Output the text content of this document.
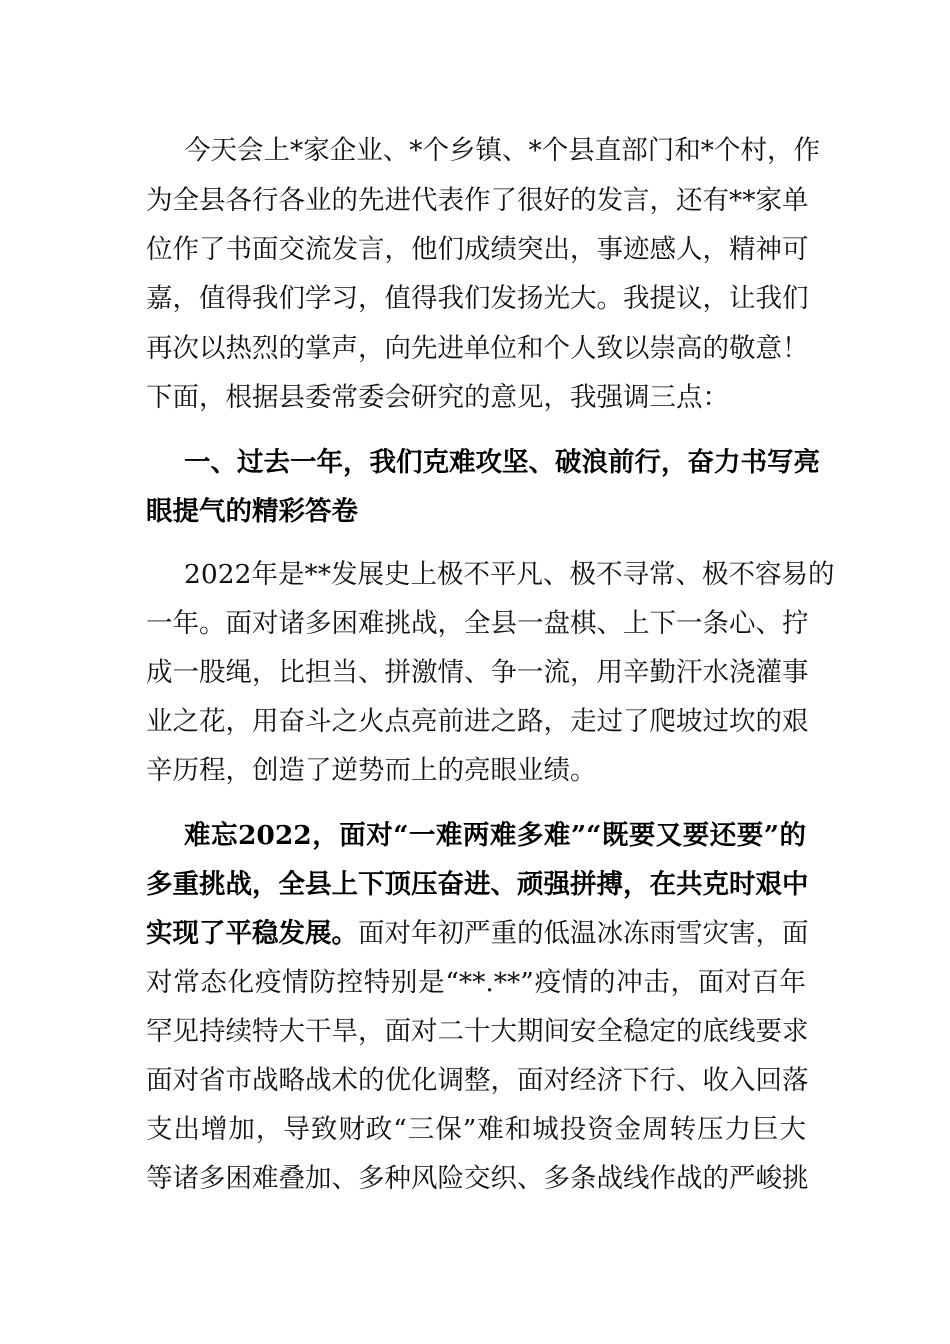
今天会上*家企业、*个乡镇、*个县直部门和*个村，作
为全县各行各业的先进代表作了很好的发言，还有**家单
位作了书面交流发言，他们成绩突出，事迹感人，精神可
嘉，值得我们学习，值得我们发扬光大。我提议，让我们
再次以热烈的掌声，向先进单位和个人致以崇高的敬意！
下面，根据县委常委会研究的意见，我强调三点：
一、过去一年，我们克难攻坚、破浪前行，奋力书写亮
眼提气的精彩答卷
2022年是**发展史上极不平凡、极不寻常、极不容易的
一年。面对诸多困难挑战，全县一盘棋、上下一条心、拧
成一股绳，比担当、拼激情、争一流，用辛勤汗水浇灌事
业之花，用奋斗之火点亮前进之路，走过了爬坡过坎的艰
辛历程，创造了逆势而上的亮眼业绩。
难忘2022，面对“一难两难多难”“既要又要还要”的
多重挑战，全县上下顶压奋进、顽强拼搏，在共克时艰中
实现了平稳发展。面对年初严重的低温冰冻雨雪灾害，面
对常态化疫情防控特别是“**.**”疫情的冲击，面对百年
罕见持续特大干旱，面对二十大期间安全稳定的底线要求
面对省市战略战术的优化调整，面对经济下行、收入回落
支出增加，导致财政“三保”难和城投资金周转压力巨大
等诸多困难叠加、多种风险交织、多条战线作战的严峻挑
